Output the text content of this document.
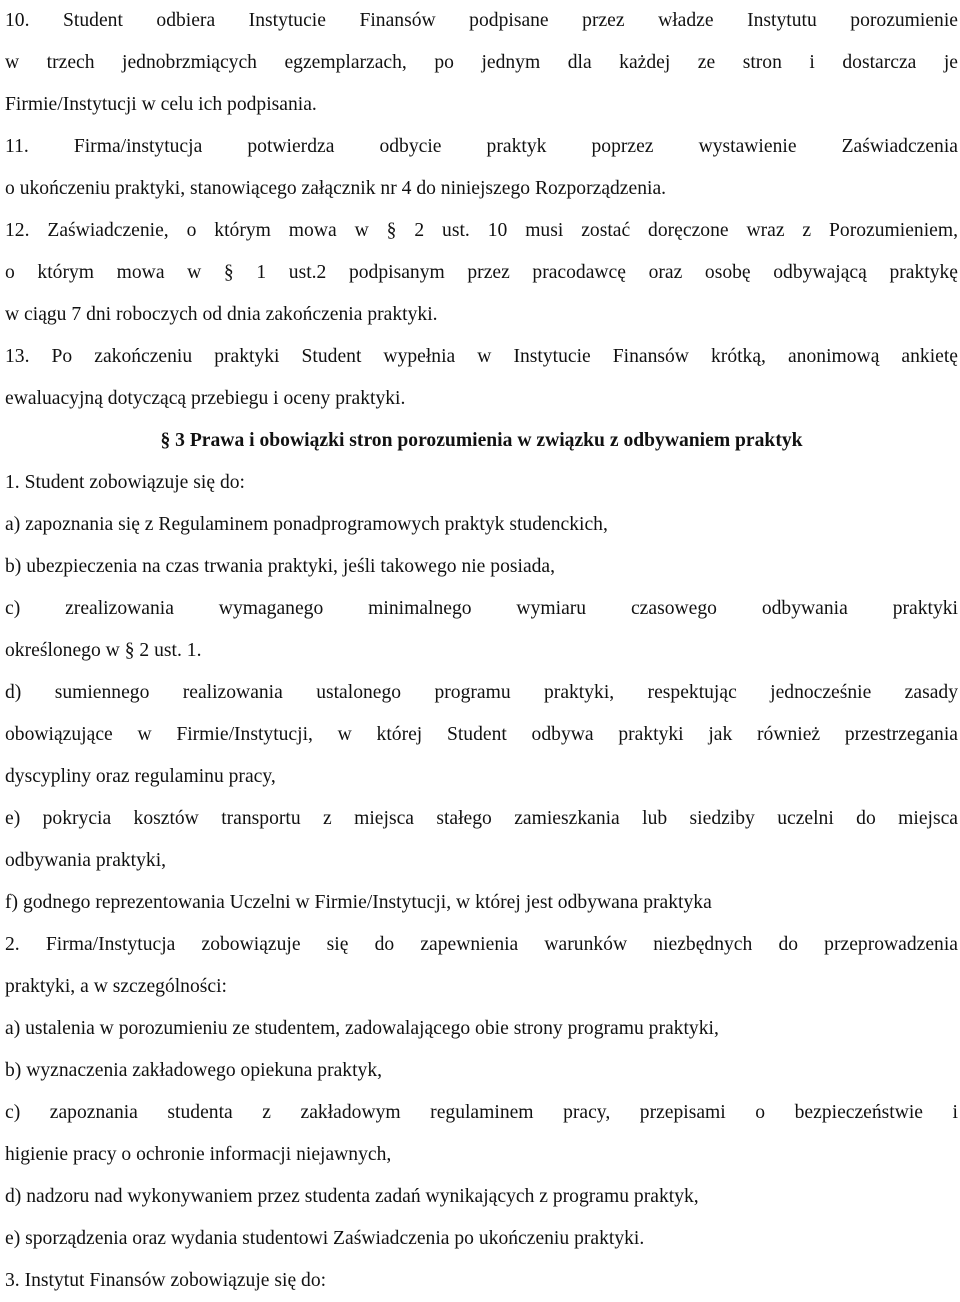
10. Student odbiera Instytucie Finansów podpisane przez władze Instytutu porozumienie
w trzech jednobrzmiących egzemplarzach, po jednym dla każdej ze stron i dostarcza je
Firmie/Instytucji w celu ich podpisania.
11. Firma/instytucja potwierdza odbycie praktyk poprzez wystawienie Zaświadczenia
o ukończeniu praktyki, stanowiącego załącznik nr 4 do niniejszego Rozporządzenia.
12. Zaświadczenie, o którym mowa w § 2 ust. 10 musi zostać doręczone wraz z Porozumieniem,
o którym mowa w § 1 ust.2 podpisanym przez pracodawcę oraz osobę odbywającą praktykę
w ciągu 7 dni roboczych od dnia zakończenia praktyki.
13. Po zakończeniu praktyki Student wypełnia w Instytucie Finansów krótką, anonimową ankietę
ewaluacyjną dotyczącą przebiegu i oceny praktyki.
§ 3 Prawa i obowiązki stron porozumienia w związku z odbywaniem praktyk
1. Student zobowiązuje się do:
a) zapoznania się z Regulaminem ponadprogramowych praktyk studenckich,
b) ubezpieczenia na czas trwania praktyki, jeśli takowego nie posiada,
c) zrealizowania wymaganego minimalnego wymiaru czasowego odbywania praktyki
określonego w § 2 ust. 1.
d) sumiennego realizowania ustalonego programu praktyki, respektując jednocześnie zasady
obowiązujące w Firmie/Instytucji, w której Student odbywa praktyki jak również przestrzegania
dyscypliny oraz regulaminu pracy,
e) pokrycia kosztów transportu z miejsca stałego zamieszkania lub siedziby uczelni do miejsca
odbywania praktyki,
f) godnego reprezentowania Uczelni w Firmie/Instytucji, w której jest odbywana praktyka
2. Firma/Instytucja zobowiązuje się do zapewnienia warunków niezbędnych do przeprowadzenia
praktyki, a w szczególności:
a) ustalenia w porozumieniu ze studentem, zadowalającego obie strony programu praktyki,
b) wyznaczenia zakładowego opiekuna praktyk,
c) zapoznania studenta z zakładowym regulaminem pracy, przepisami o bezpieczeństwie i
higienie pracy o ochronie informacji niejawnych,
d) nadzoru nad wykonywaniem przez studenta zadań wynikających z programu praktyk,
e) sporządzenia oraz wydania studentowi Zaświadczenia po ukończeniu praktyki.
3. Instytut Finansów zobowiązuje się do:
